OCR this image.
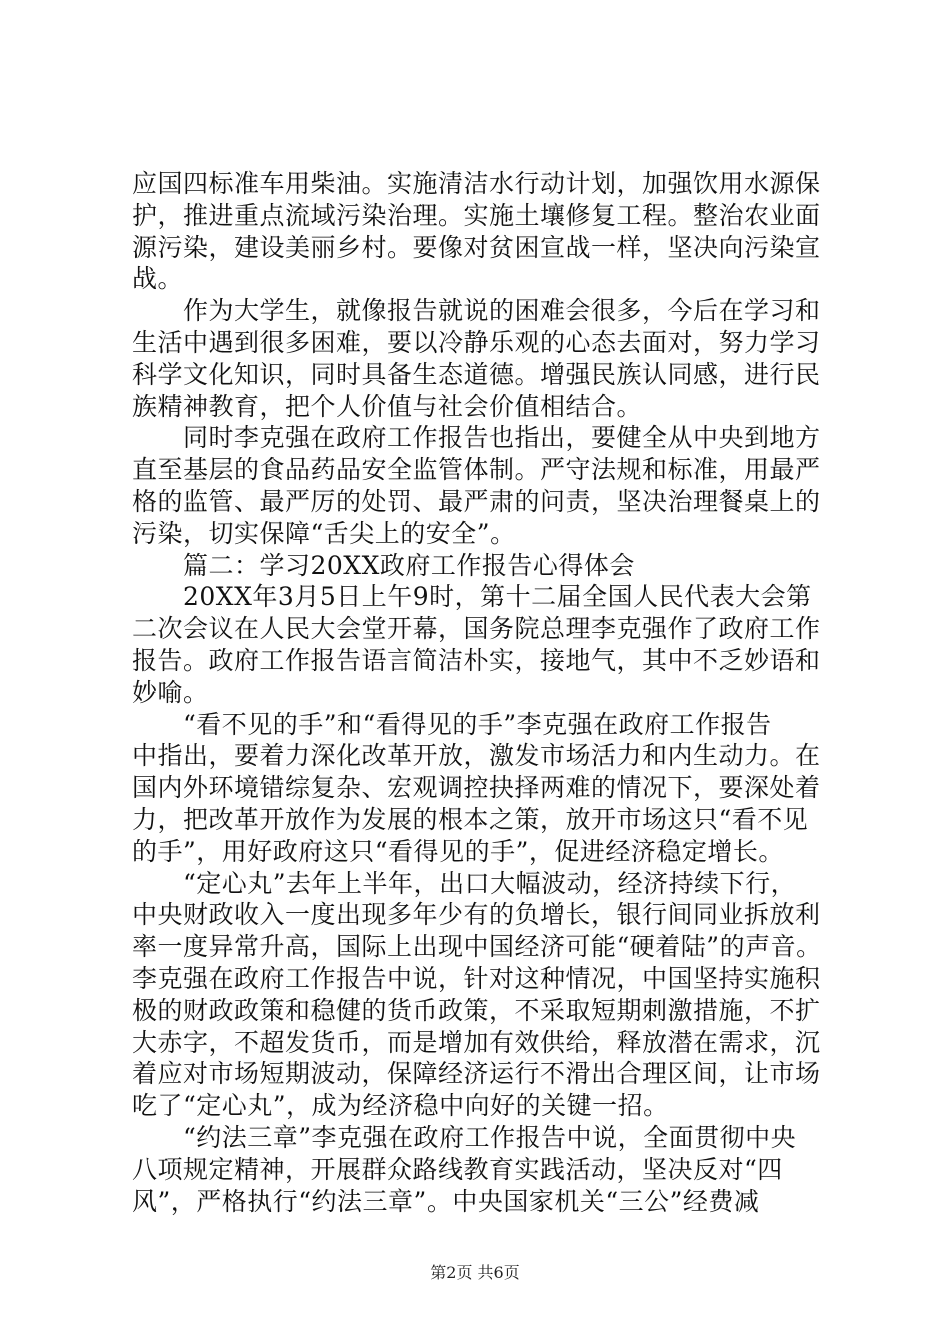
应国四标准车用柴油。实施清洁水行动计划，加强饮用水源保
护，推进重点流域污染治理。实施土壤修复工程。整治农业面
源污染，建设美丽乡村。要像对贫困宣战一样，坚决向污染宣
战。
　　作为大学生，就像报告就说的困难会很多，今后在学习和
生活中遇到很多困难，要以冷静乐观的心态去面对，努力学习
科学文化知识，同时具备生态道德。增强民族认同感，进行民
族精神教育，把个人价值与社会价值相结合。
　　同时李克强在政府工作报告也指出，要健全从中央到地方
直至基层的食品药品安全监管体制。严守法规和标准，用最严
格的监管、最严厉的处罚、最严肃的问责，坚决治理餐桌上的
污染，切实保障“舌尖上的安全”。
　　篇二：学习20XX政府工作报告心得体会
　　20XX年3月5日上午9时，第十二届全国人民代表大会第
二次会议在人民大会堂开幕，国务院总理李克强作了政府工作
报告。政府工作报告语言简洁朴实，接地气，其中不乏妙语和
妙喻。
　　“看不见的手”和“看得见的手”李克强在政府工作报告
中指出，要着力深化改革开放，激发市场活力和内生动力。在
国内外环境错综复杂、宏观调控抉择两难的情况下，要深处着
力，把改革开放作为发展的根本之策，放开市场这只“看不见
的手”，用好政府这只“看得见的手”，促进经济稳定增长。
　　“定心丸”去年上半年，出口大幅波动，经济持续下行，
中央财政收入一度出现多年少有的负增长，银行间同业拆放利
率一度异常升高，国际上出现中国经济可能“硬着陆”的声音。
李克强在政府工作报告中说，针对这种情况，中国坚持实施积
极的财政政策和稳健的货币政策，不采取短期刺激措施，不扩
大赤字，不超发货币，而是增加有效供给，释放潜在需求，沉
着应对市场短期波动，保障经济运行不滑出合理区间，让市场
吃了“定心丸”，成为经济稳中向好的关键一招。
　　“约法三章”李克强在政府工作报告中说，全面贯彻中央
八项规定精神，开展群众路线教育实践活动，坚决反对“四
风”，严格执行“约法三章”。中央国家机关“三公”经费减
第2页 共6页
